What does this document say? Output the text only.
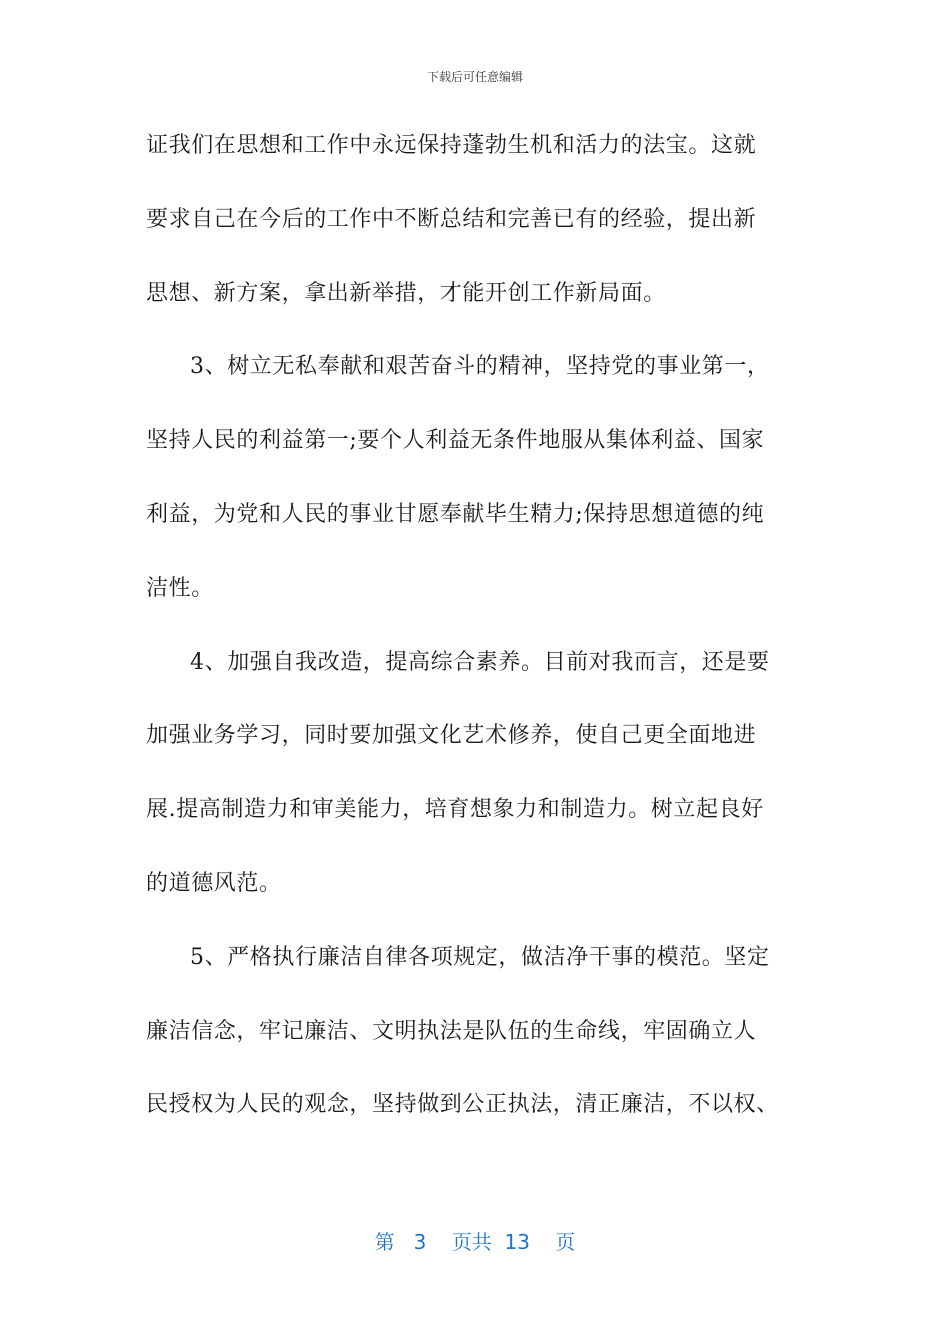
下载后可任意编辑
证我们在思想和工作中永远保持蓬勃生机和活力的法宝。这就
要求自己在今后的工作中不断总结和完善已有的经验，提出新
思想、新方案，拿出新举措，才能开创工作新局面。
3、树立无私奉献和艰苦奋斗的精神，坚持党的事业第一，
坚持人民的利益第一;要个人利益无条件地服从集体利益、国家
利益，为党和人民的事业甘愿奉献毕生精力;保持思想道德的纯
洁性。
4、加强自我改造，提高综合素养。目前对我而言，还是要
加强业务学习，同时要加强文化艺术修养，使自己更全面地进
展.提高制造力和审美能力，培育想象力和制造力。树立起良好
的道德风范。
5、严格执行廉洁自律各项规定，做洁净干事的模范。坚定
廉洁信念，牢记廉洁、文明执法是队伍的生命线，牢固确立人
民授权为人民的观念，坚持做到公正执法，清正廉洁，不以权、
第 3 页共 13 页
